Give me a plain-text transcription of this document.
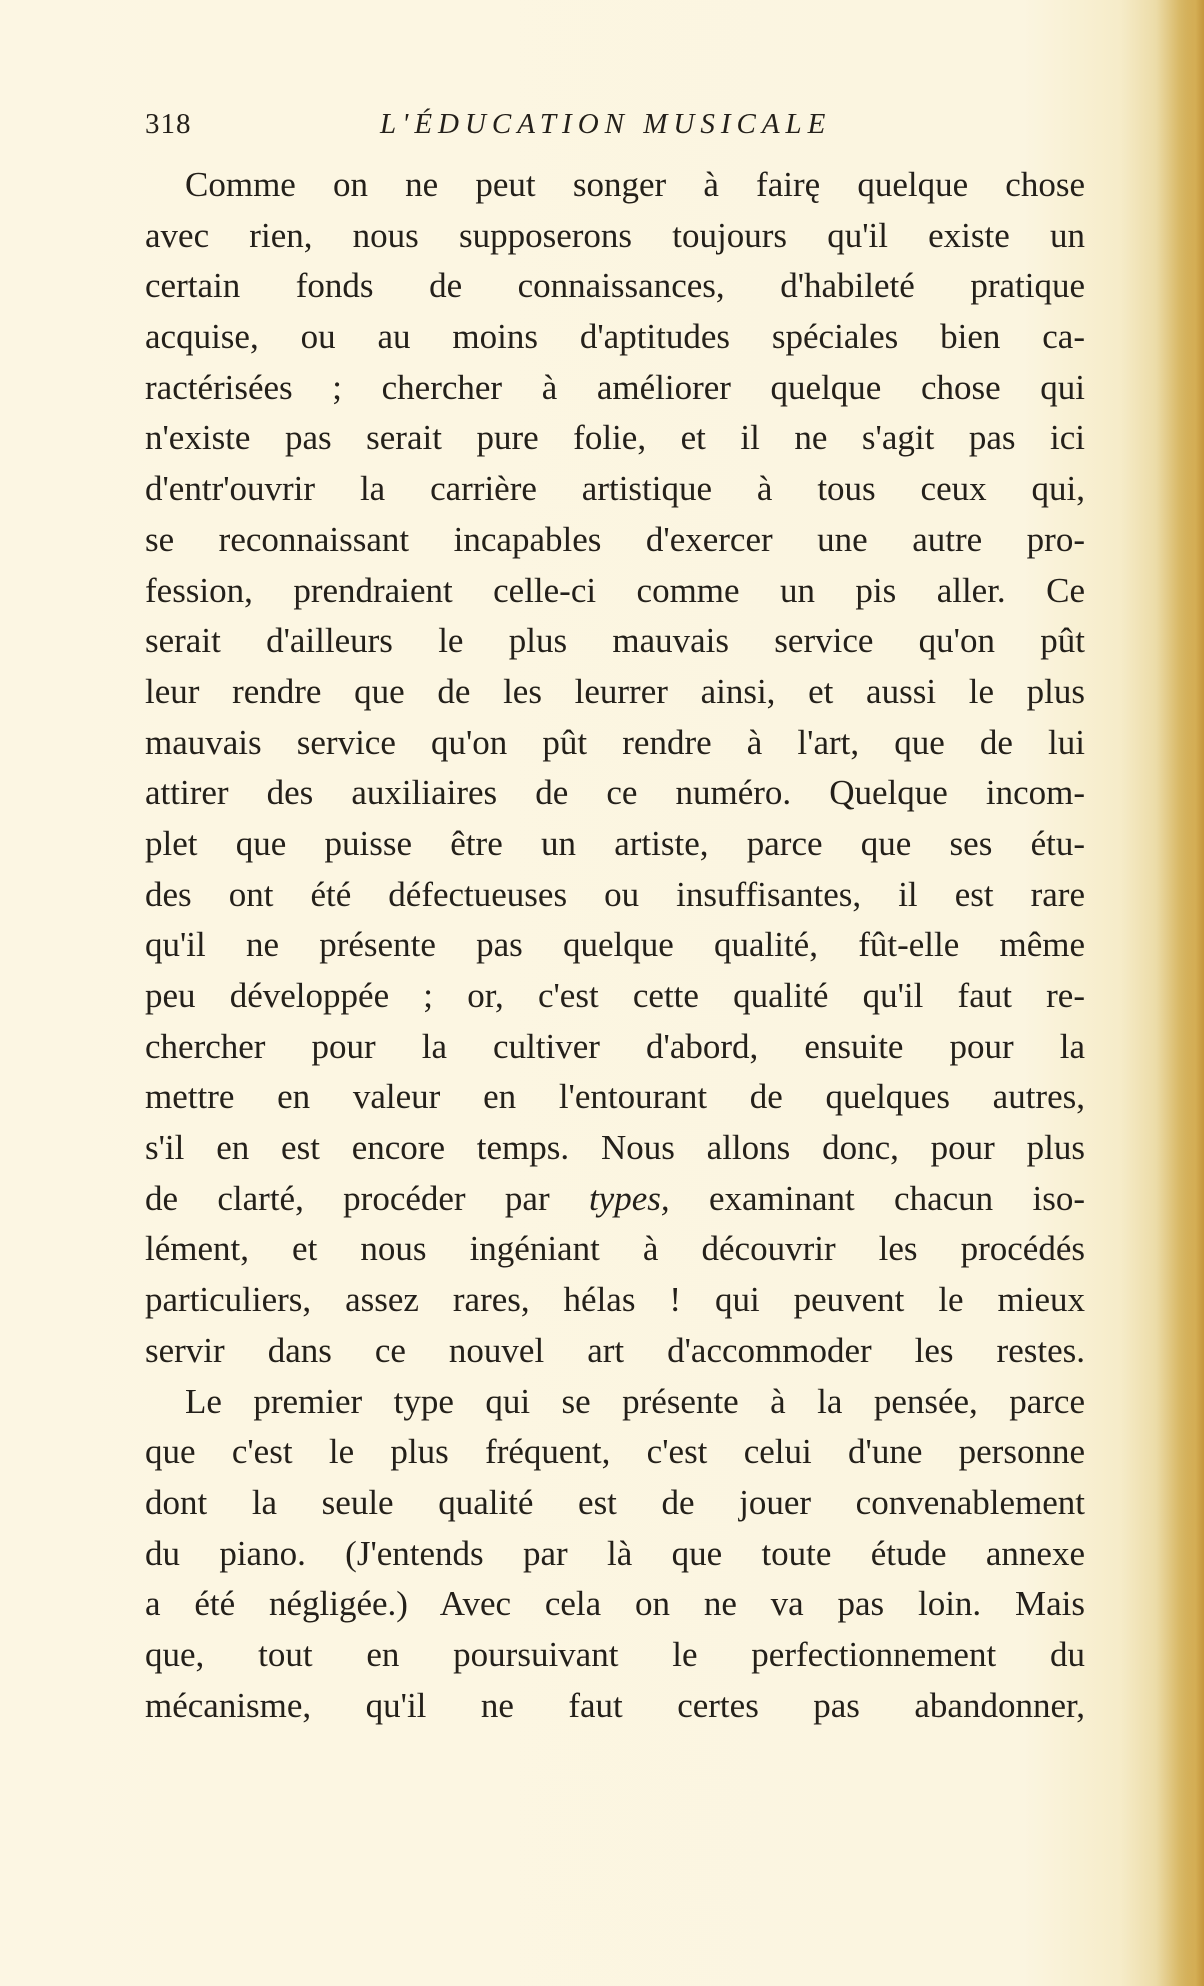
318	L'ÉDUCATION MUSICALE
Comme on ne peut songer à fairę quelque chose
avec rien, nous supposerons toujours qu'il existe un
certain fonds de connaissances, d'habileté pratique
acquise, ou au moins d'aptitudes spéciales bien ca-
ractérisées ; chercher à améliorer quelque chose qui
n'existe pas serait pure folie, et il ne s'agit pas ici
d'entr'ouvrir la carrière artistique à tous ceux qui,
se reconnaissant incapables d'exercer une autre pro-
fession, prendraient celle-ci comme un pis aller. Ce
serait d'ailleurs le plus mauvais service qu'on pût
leur rendre que de les leurrer ainsi, et aussi le plus
mauvais service qu'on pût rendre à l'art, que de lui
attirer des auxiliaires de ce numéro. Quelque incom-
plet que puisse être un artiste, parce que ses étu-
des ont été défectueuses ou insuffisantes, il est rare
qu'il ne présente pas quelque qualité, fût-elle même
peu développée ; or, c'est cette qualité qu'il faut re-
chercher pour la cultiver d'abord, ensuite pour la
mettre en valeur en l'entourant de quelques autres,
s'il en est encore temps. Nous allons donc, pour plus
de clarté, procéder par types, examinant chacun iso-
lément, et nous ingéniant à découvrir les procédés
particuliers, assez rares, hélas ! qui peuvent le mieux
servir dans ce nouvel art d'accommoder les restes.
Le premier type qui se présente à la pensée, parce
que c'est le plus fréquent, c'est celui d'une personne
dont la seule qualité est de jouer convenablement
du piano. (J'entends par là que toute étude annexe
a été négligée.) Avec cela on ne va pas loin. Mais
que, tout en poursuivant le perfectionnement du
mécanisme, qu'il ne faut certes pas abandonner,
